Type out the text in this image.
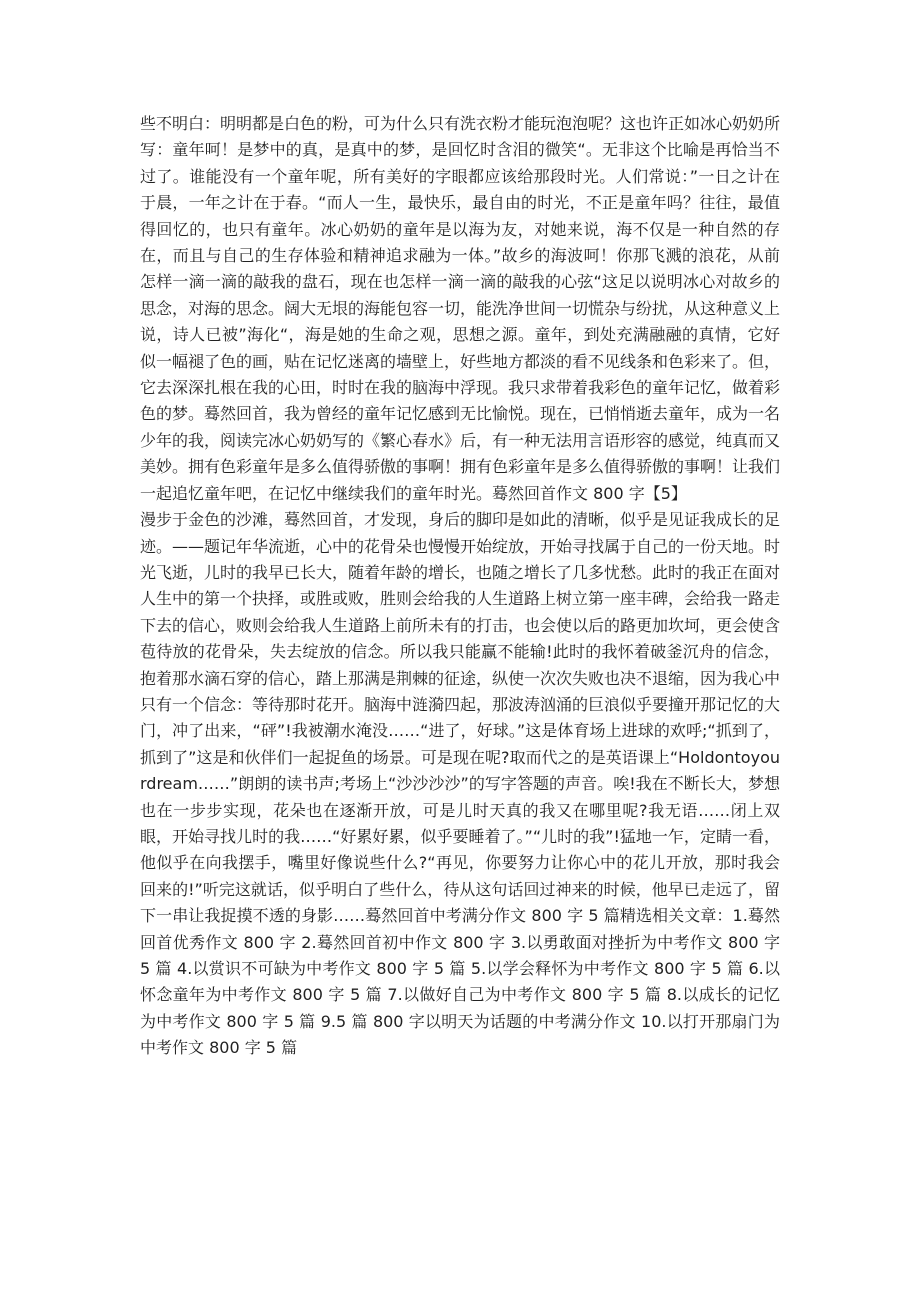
些不明白：明明都是白色的粉，可为什么只有洗衣粉才能玩泡泡呢？这也许正如冰心奶奶所写：童年呵！是梦中的真，是真中的梦，是回忆时含泪的微笑“。无非这个比喻是再恰当不过了。谁能没有一个童年呢，所有美好的字眼都应该给那段时光。人们常说：”一日之计在于晨，一年之计在于春。“而人一生，最快乐，最自由的时光，不正是童年吗？往往，最值得回忆的，也只有童年。冰心奶奶的童年是以海为友，对她来说，海不仅是一种自然的存在，而且与自己的生存体验和精神追求融为一体。”故乡的海波呵！你那飞溅的浪花，从前怎样一滴一滴的敲我的盘石，现在也怎样一滴一滴的敲我的心弦“这足以说明冰心对故乡的思念，对海的思念。阔大无垠的海能包容一切，能洗净世间一切慌杂与纷扰，从这种意义上说，诗人已被”海化“，海是她的生命之观，思想之源。童年，到处充满融融的真情，它好似一幅褪了色的画，贴在记忆迷离的墙壁上，好些地方都淡的看不见线条和色彩来了。但，它去深深扎根在我的心田，时时在我的脑海中浮现。我只求带着我彩色的童年记忆，做着彩色的梦。蓦然回首，我为曾经的童年记忆感到无比愉悦。现在，已悄悄逝去童年，成为一名少年的我，阅读完冰心奶奶写的《繁心春水》后，有一种无法用言语形容的感觉，纯真而又美妙。拥有色彩童年是多么值得骄傲的事啊！拥有色彩童年是多么值得骄傲的事啊！让我们一起追忆童年吧，在记忆中继续我们的童年时光。蓦然回首作文 800 字【5】

漫步于金色的沙滩，蓦然回首，才发现，身后的脚印是如此的清晰，似乎是见证我成长的足迹。——题记年华流逝，心中的花骨朵也慢慢开始绽放，开始寻找属于自己的一份天地。时光飞逝，儿时的我早已长大，随着年龄的增长，也随之增长了几多忧愁。此时的我正在面对人生中的第一个抉择，或胜或败，胜则会给我的人生道路上树立第一座丰碑，会给我一路走下去的信心，败则会给我人生道路上前所未有的打击，也会使以后的路更加坎坷，更会使含苞待放的花骨朵，失去绽放的信念。所以我只能赢不能输!此时的我怀着破釜沉舟的信念，抱着那水滴石穿的信心，踏上那满是荆棘的征途，纵使一次次失败也决不退缩，因为我心中只有一个信念：等待那时花开。脑海中涟漪四起，那波涛汹涌的巨浪似乎要撞开那记忆的大门，冲了出来，“砰”!我被潮水淹没……“进了，好球。”这是体育场上进球的欢呼;“抓到了，抓到了”这是和伙伴们一起捉鱼的场景。可是现在呢?取而代之的是英语课上“Holdontoyourdream……”朗朗的读书声;考场上“沙沙沙沙”的写字答题的声音。唉!我在不断长大，梦想也在一步步实现，花朵也在逐渐开放，可是儿时天真的我又在哪里呢?我无语……闭上双眼，开始寻找儿时的我……“好累好累，似乎要睡着了。”“儿时的我”!猛地一乍，定睛一看，他似乎在向我摆手，嘴里好像说些什么?“再见，你要努力让你心中的花儿开放，那时我会回来的!”听完这就话，似乎明白了些什么，待从这句话回过神来的时候，他早已走远了，留下一串让我捉摸不透的身影……蓦然回首中考满分作文 800 字 5 篇精选相关文章：1.蓦然回首优秀作文 800 字 2.蓦然回首初中作文 800 字 3.以勇敢面对挫折为中考作文 800 字 5 篇 4.以赏识不可缺为中考作文 800 字 5 篇 5.以学会释怀为中考作文 800 字 5 篇 6.以怀念童年为中考作文 800 字 5 篇 7.以做好自己为中考作文 800 字 5 篇 8.以成长的记忆为中考作文 800 字 5 篇 9.5 篇 800 字以明天为话题的中考满分作文 10.以打开那扇门为中考作文 800 字 5 篇
